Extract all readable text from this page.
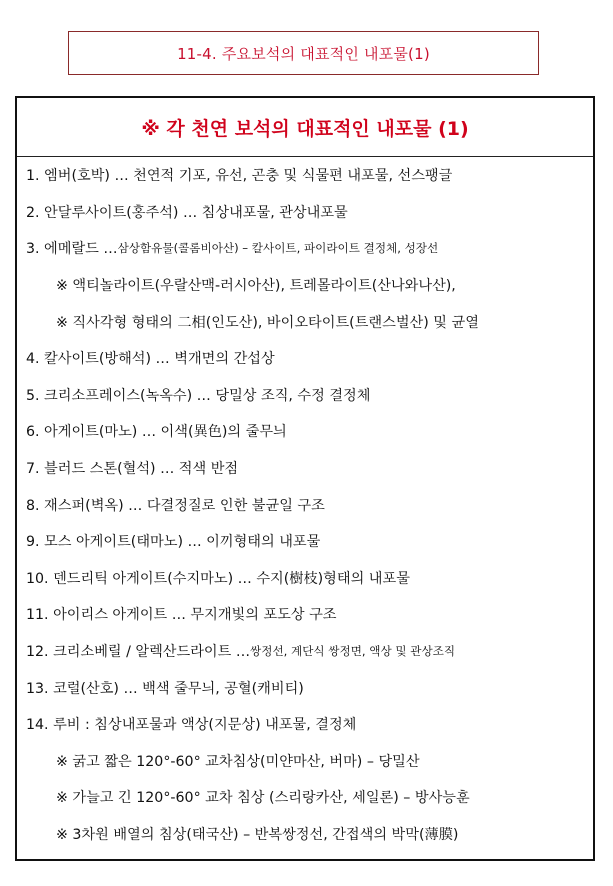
11-4. 주요보석의 대표적인 내포물(1)
※ 각 천연 보석의 대표적인 내포물 (1)
1. 엠버(호박) … 천연적 기포, 유선, 곤충 및 식물편 내포물, 선스팽글
2. 안달루사이트(홍주석) … 침상내포물, 관상내포물
3. 에메랄드 … 삼상함유물(콜롬비아산) – 칼사이트, 파이라이트 결정체, 성장선
※ 액티놀라이트(우랄산맥-러시아산), 트레몰라이트(산나와나산),
※ 직사각형 형태의 二相(인도산), 바이오타이트(트랜스벌산) 및 균열
4. 칼사이트(방해석) … 벽개면의 간섭상
5. 크리소프레이스(녹옥수) … 당밀상 조직, 수정 결정체
6. 아게이트(마노) … 이색(異色)의 줄무늬
7. 블러드 스톤(혈석) … 적색 반점
8. 재스퍼(벽옥) … 다결정질로 인한 불균일 구조
9. 모스 아게이트(태마노) … 이끼형태의 내포물
10. 덴드리틱 아게이트(수지마노) … 수지(樹枝)형태의 내포물
11. 아이리스 아게이트 … 무지개빛의 포도상 구조
12. 크리소베릴 / 알렉산드라이트 … 쌍정선, 계단식 쌍정면, 액상 및 관상조직
13. 코럴(산호) … 백색 줄무늬, 공혈(캐비티)
14. 루비 : 침상내포물과 액상(지문상) 내포물, 결정체
※ 굵고 짧은 120°-60° 교차침상(미얀마산, 버마) – 당밀산
※ 가늘고 긴 120°-60° 교차 침상 (스리랑카산, 세일론) – 방사능훈
※ 3차원 배열의 침상(태국산) – 반복쌍정선, 간접색의 박막(薄膜)
